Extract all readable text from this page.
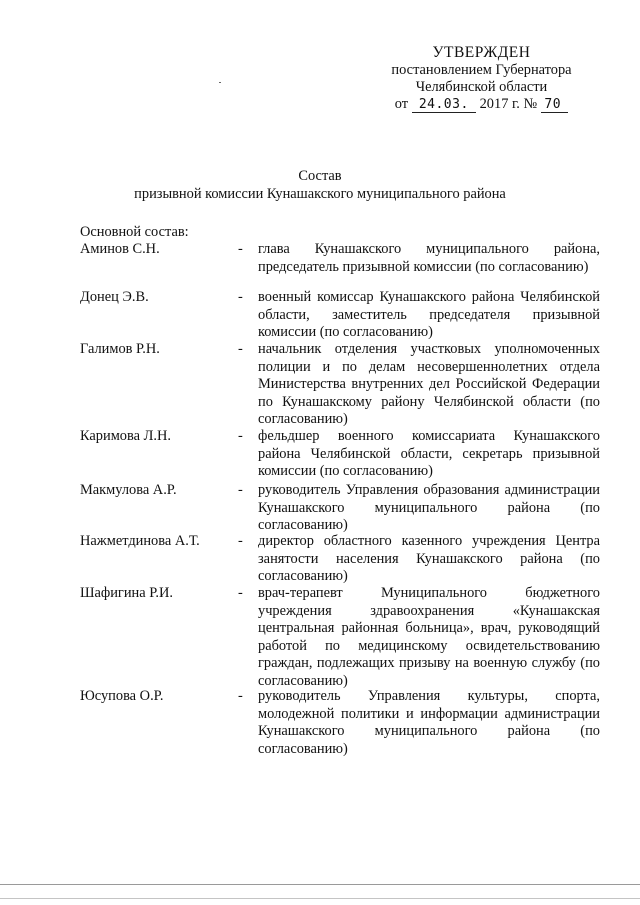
УТВЕРЖДЕН
постановлением Губернатора
Челябинской области
от 24.03. 2017 г. № 70
Состав
призывной комиссии Кунашакского муниципального района
Основной состав:
Аминов С.Н.	- глава Кунашакского муниципального района, председатель призывной комиссии (по согласованию)
Донец Э.В.	- военный комиссар Кунашакского района Челябинской области, заместитель председателя призывной комиссии (по согласованию)
Галимов Р.Н.	- начальник отделения участковых уполномоченных полиции и по делам несовершеннолетних отдела Министерства внутренних дел Российской Федерации по Кунашакскому району Челябинской области (по согласованию)
Каримова Л.Н.	- фельдшер военного комиссариата Кунашакского района Челябинской области, секретарь призывной комиссии (по согласованию)
Макмулова А.Р.	- руководитель Управления образования администрации Кунашакского муниципального района (по согласованию)
Нажметдинова А.Т.	- директор областного казенного учреждения Центра занятости населения Кунашакского района (по согласованию)
Шафигина Р.И.	- врач-терапевт Муниципального бюджетного учреждения здравоохранения «Кунашакская центральная районная больница», врач, руководящий работой по медицинскому освидетельствованию граждан, подлежащих призыву на военную службу (по согласованию)
Юсупова О.Р.	- руководитель Управления культуры, спорта, молодежной политики и информации администрации Кунашакского муниципального района (по согласованию)
